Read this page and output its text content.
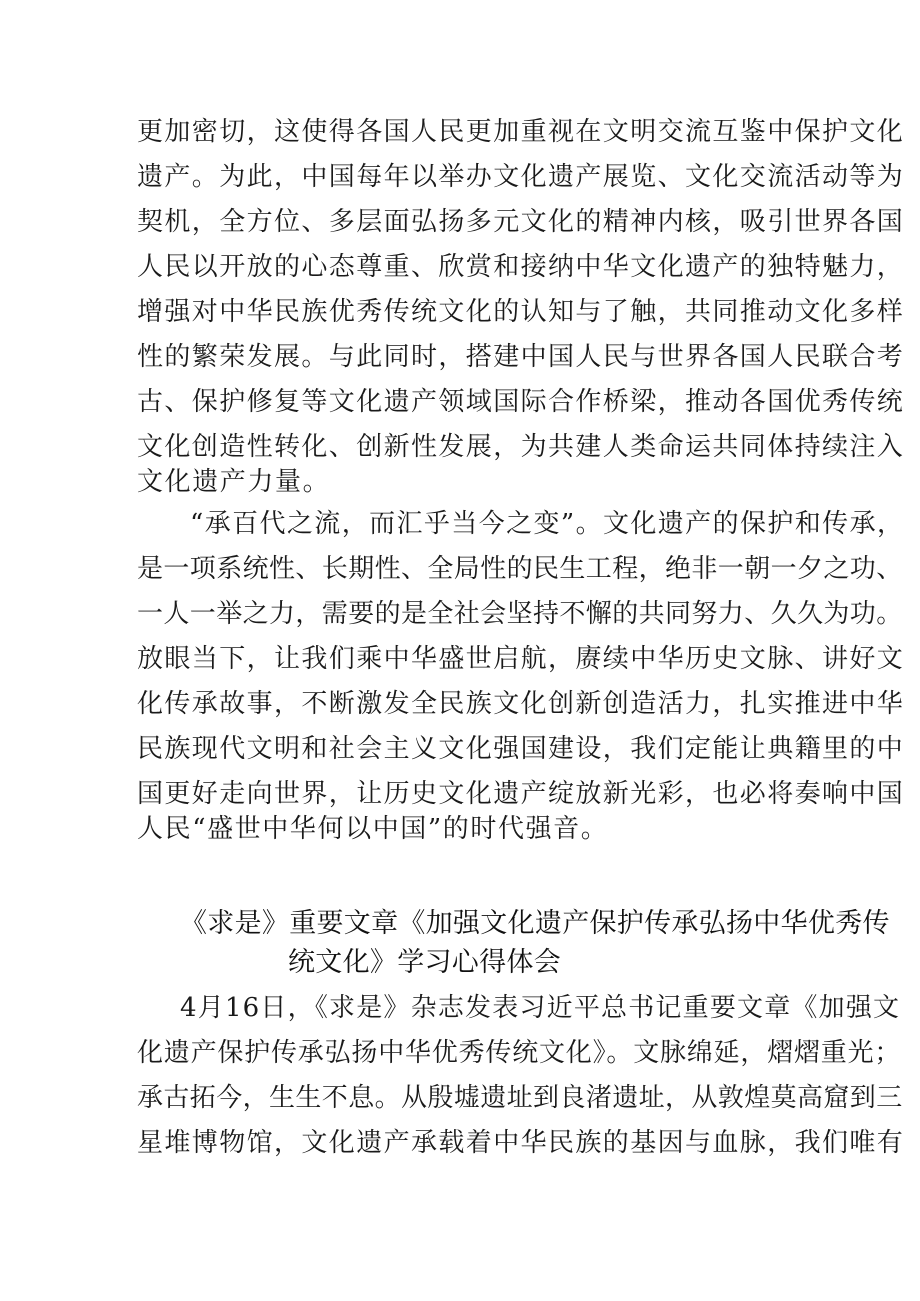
更加密切，这使得各国人民更加重视在文明交流互鉴中保护文化
遗产。为此，中国每年以举办文化遗产展览、文化交流活动等为
契机，全方位、多层面弘扬多元文化的精神内核，吸引世界各国
人民以开放的心态尊重、欣赏和接纳中华文化遗产的独特魅力，
增强对中华民族优秀传统文化的认知与了触，共同推动文化多样
性的繁荣发展。与此同时，搭建中国人民与世界各国人民联合考
古、保护修复等文化遗产领域国际合作桥梁，推动各国优秀传统
文化创造性转化、创新性发展，为共建人类命运共同体持续注入
文化遗产力量。
“承百代之流，而汇乎当今之变”。文化遗产的保护和传承，
是一项系统性、长期性、全局性的民生工程，绝非一朝一夕之功、
一人一举之力，需要的是全社会坚持不懈的共同努力、久久为功。
放眼当下，让我们乘中华盛世启航，赓续中华历史文脉、讲好文
化传承故事，不断激发全民族文化创新创造活力，扎实推进中华
民族现代文明和社会主义文化强国建设，我们定能让典籍里的中
国更好走向世界，让历史文化遗产绽放新光彩，也必将奏响中国
人民“盛世中华何以中国”的时代强音。
《求是》重要文章《加强文化遗产保护传承弘扬中华优秀传
统文化》学习心得体会
4月16日，《求是》杂志发表习近平总书记重要文章《加强文
化遗产保护传承弘扬中华优秀传统文化》。文脉绵延，熠熠重光；
承古拓今，生生不息。从殷墟遗址到良渚遗址，从敦煌莫高窟到三
星堆博物馆，文化遗产承载着中华民族的基因与血脉，我们唯有
